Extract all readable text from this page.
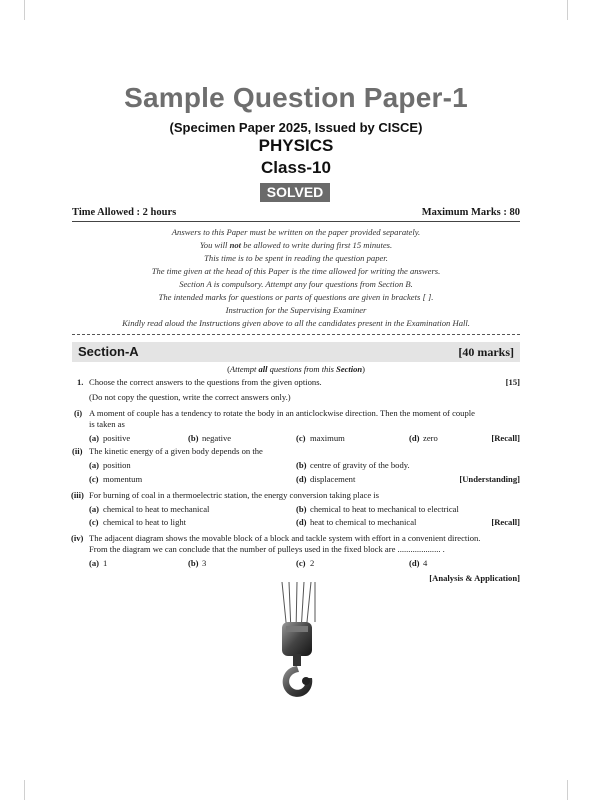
Sample Question Paper-1
(Specimen Paper 2025, Issued by CISCE)
PHYSICS
Class-10
SOLVED
Time Allowed : 2 hours	Maximum Marks : 80
Answers to this Paper must be written on the paper provided separately.
You will not be allowed to write during first 15 minutes.
This time is to be spent in reading the question paper.
The time given at the head of this Paper is the time allowed for writing the answers.
Section A is compulsory. Attempt any four questions from Section B.
The intended marks for questions or parts of questions are given in brackets [ ].
Instruction for the Supervising Examiner
Kindly read aloud the Instructions given above to all the candidates present in the Examination Hall.
Section-A	[40 marks]
(Attempt all questions from this Section)
1. Choose the correct answers to the questions from the given options.	[15]
(Do not copy the question, write the correct answers only.)
(i) A moment of couple has a tendency to rotate the body in an anticlockwise direction. Then the moment of couple
is taken as
(a) positive	(b) negative	(c) maximum	(d) zero	[Recall]
(ii) The kinetic energy of a given body depends on the
(a) position	(b) centre of gravity of the body.
(c) momentum	(d) displacement	[Understanding]
(iii) For burning of coal in a thermoelectric station, the energy conversion taking place is
(a) chemical to heat to mechanical	(b) chemical to heat to mechanical to electrical
(c) chemical to heat to light	(d) heat to chemical to mechanical	[Recall]
(iv) The adjacent diagram shows the movable block of a block and tackle system with effort in a convenient direction.
From the diagram we can conclude that the number of pulleys used in the fixed block are .................... .
(a) 1	(b) 3	(c) 2	(d) 4
[Analysis & Application]
